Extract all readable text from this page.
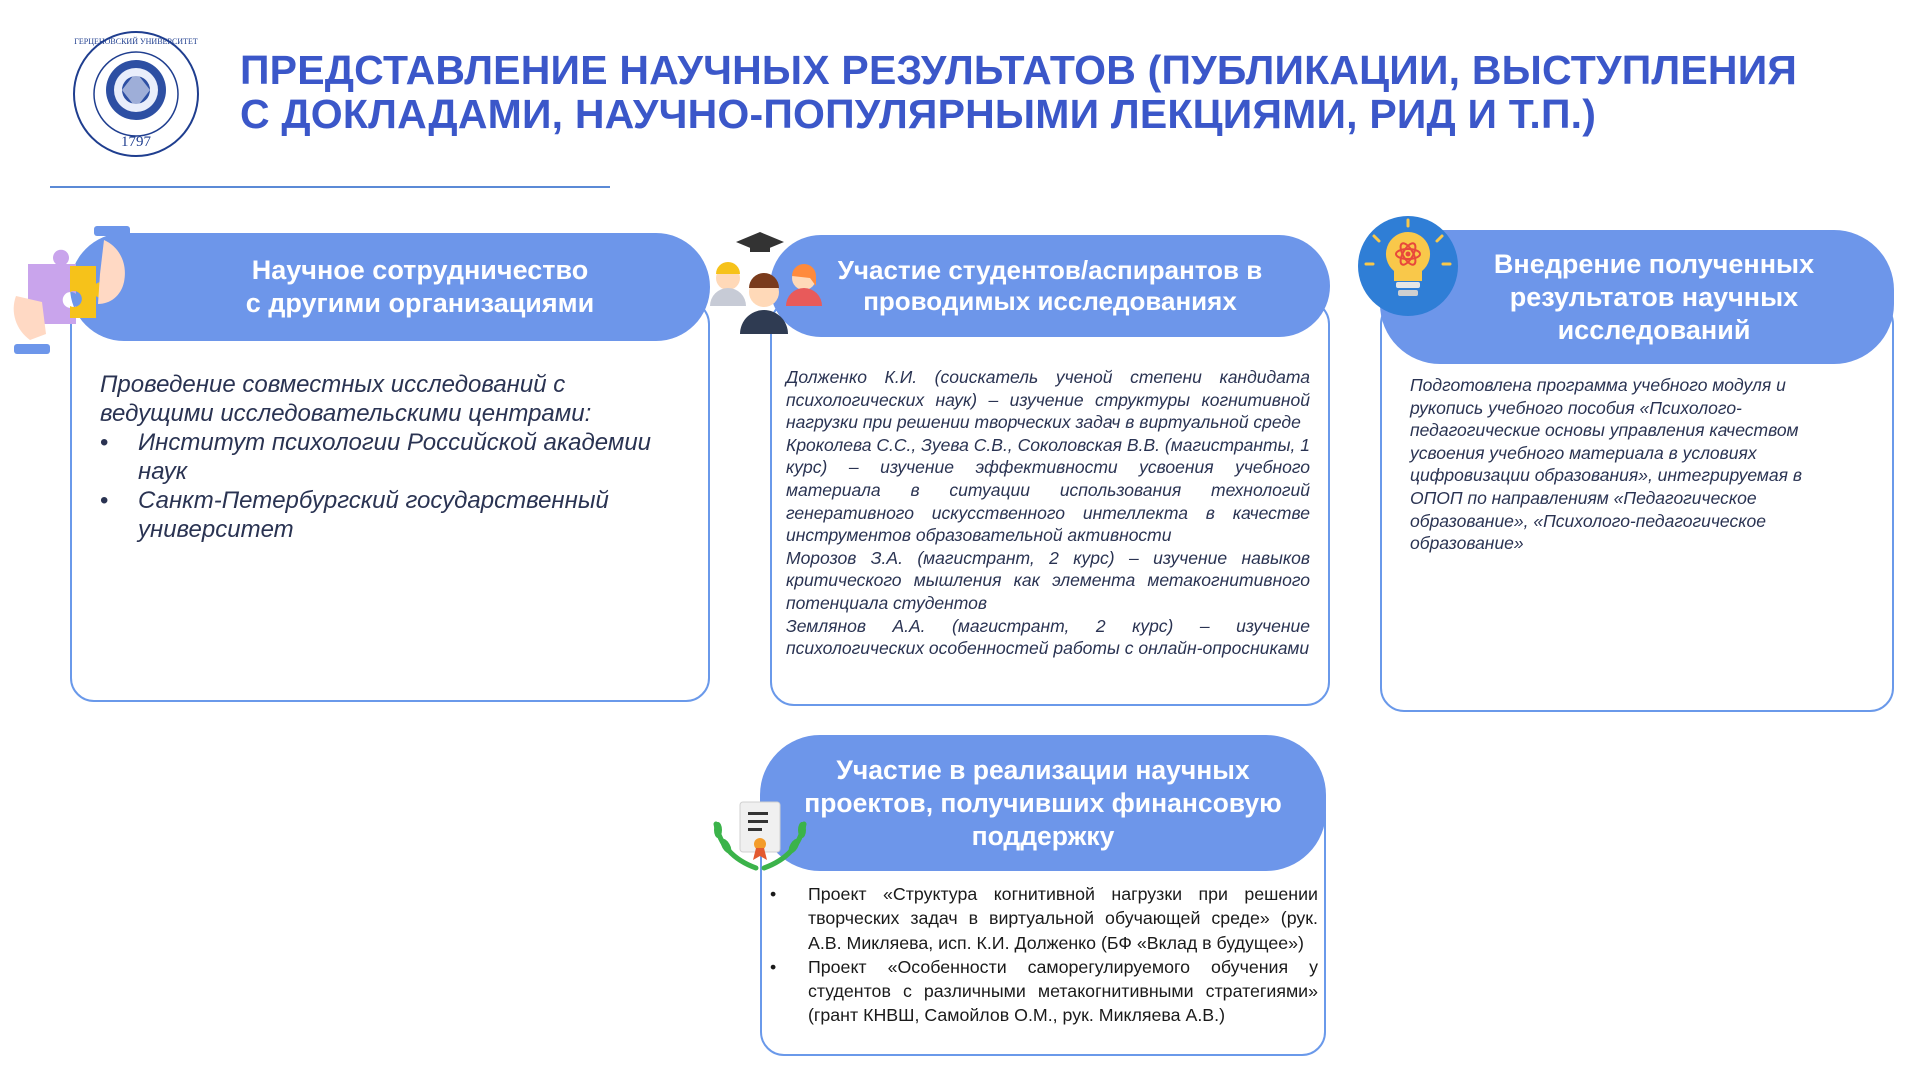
1797
ГЕРЦЕНОВСКИЙ УНИВЕРСИТЕТ
ПРЕДСТАВЛЕНИЕ НАУЧНЫХ РЕЗУЛЬТАТОВ (ПУБЛИКАЦИИ, ВЫСТУПЛЕНИЯ
С ДОКЛАДАМИ, НАУЧНО-ПОПУЛЯРНЫМИ ЛЕКЦИЯМИ, РИД И Т.П.)
Научное сотрудничество
с другими организациями
Проведение совместных исследований с ведущими исследовательскими центрами:
• Институт психологии Российской академии наук
• Санкт-Петербургский государственный университет
Участие студентов/аспирантов в
проводимых исследованиях

Долженко К.И. (соискатель ученой степени кандидата психологических наук) – изучение структуры когнитивной нагрузки при решении творческих задач в виртуальной среде

Кроколева С.С., Зуева С.В., Соколовская В.В. (магистранты, 1 курс) – изучение эффективности усвоения учебного материала в ситуации использования технологий генеративного искусственного интеллекта в качестве инструментов образовательной активности

Морозов З.А. (магистрант, 2 курс) – изучение навыков критического мышления как элемента метакогнитивного потенциала студентов

Землянов А.А. (магистрант, 2 курс) – изучение психологических особенностей работы с онлайн-опросниками

Внедрение полученных
результатов научных
исследований
Подготовлена программа учебного модуля и рукопись учебного пособия «Психолого-педагогические основы управления качеством усвоения учебного материала в условиях цифровизации образования», интегрируемая в ОПОП по направлениям «Педагогическое образование», «Психолого-педагогическое образование»
Участие в реализации научных
проектов, получивших финансовую
поддержку
• Проект «Структура когнитивной нагрузки при решении творческих задач в виртуальной обучающей среде» (рук. А.В. Микляева, исп. К.И. Долженко (БФ «Вклад в будущее»)
• Проект «Особенности саморегулируемого обучения у студентов с различными метакогнитивными стратегиями» (грант КНВШ, Самойлов О.М., рук. Микляева А.В.)
